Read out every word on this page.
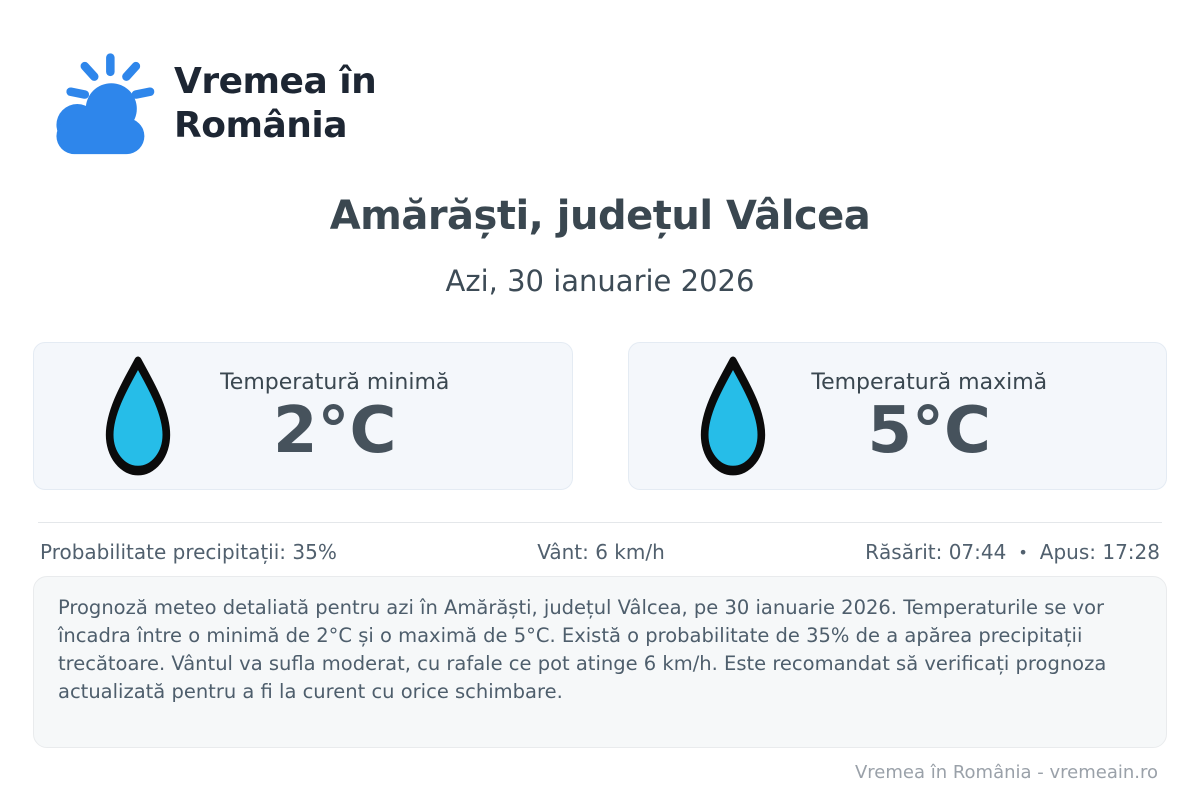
Vremea în
România
Amărăști, județul Vâlcea
Azi, 30 ianuarie 2026
Temperatură minimă
2°C
Temperatură maximă
5°C
Probabilitate precipitații: 35%	Vânt: 6 km/h	Răsărit: 07:44 • Apus: 17:28

Prognoză meteo detaliată pentru azi în Amărăști, județul Vâlcea, pe 30 ianuarie 2026. Temperaturile se vor încadra între o minimă de 2°C și o maximă de 5°C. Există o probabilitate de 35% de a apărea precipitații trecătoare. Vântul va sufla moderat, cu rafale ce pot atinge 6 km/h. Este recomandat să verificați prognoza actualizată pentru a fi la curent cu orice schimbare.

Vremea în România - vremeain.ro
